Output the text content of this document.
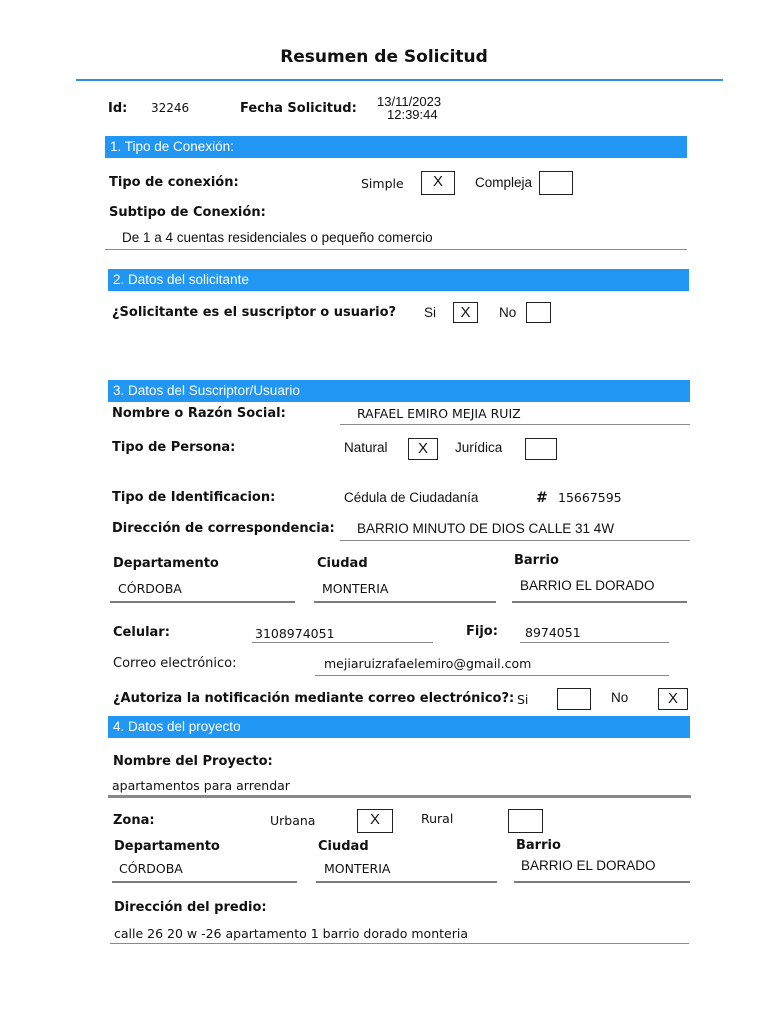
Resumen de Solicitud
Id: 32246	Fecha Solicitud: 13/11/2023
12:39:44
1. Tipo de Conexión:
Tipo de conexión:	Simple	X	Compleja
Subtipo de Conexión:
De 1 a 4 cuentas residenciales o pequeño comercio
2. Datos del solicitante
¿Solicitante es el suscriptor o usuario? Si	X	No
3. Datos del Suscriptor/Usuario
Nombre o Razón Social:	RAFAEL EMIRO MEJIA RUIZ
Tipo de Persona:	Natural	X	Jurídica
Tipo de Identificacion:	Cédula de Ciudadanía	# 15667595
Dirección de correspondencia: BARRIO MINUTO DE DIOS CALLE 31 4W
Departamento	Ciudad	Barrio
CÓRDOBA	MONTERIA	BARRIO EL DORADO
Celular:	3108974051	Fijo: 8974051
Correo electrónico:	mejiaruizrafaelemiro@gmail.com
¿Autoriza la notificación mediante correo electrónico?: Si	No	X
4. Datos del proyecto
Nombre del Proyecto:
apartamentos para arrendar
Zona:	Urbana	X	Rural
Departamento	Ciudad	Barrio
CÓRDOBA	MONTERIA	BARRIO EL DORADO
Dirección del predio:
calle 26 20 w -26 apartamento 1 barrio dorado monteria
